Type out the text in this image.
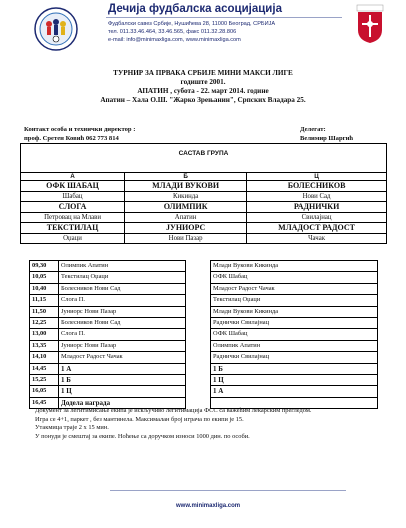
Дечија фудбалска асоцијација
Фудбалски савез Србије, Нушићева 28, 11000 Београд, СРБИЈА
тел. 011.33.46.464, 33.46.565, факс 011.32.28.806
e-mail: info@minimaxliga.com, www.minimaxliga.com
ТУРНИР ЗА ПРВАКА СРБИЈЕ МИНИ МАКСИ ЛИГЕ
годиште 2001.
АПАТИН , субота - 22. март 2014. године
Апатин – Хала О.Ш. "Жарко Зрењанин", Српских Владара 25.
Контакт особа и технички директор :
проф. Сретен Ковић 062 773 814
Делегат:
Велимир Шаргић
САСТАВ ГРУПА		
А	Б	Ц
ОФК ШАБАЦ	МЛАДИ ВУКОВИ	БОЛЕСНИКОВ
Шабац	Кикинда	Нови Сад
СЛОГА	ОЛИМПИК	РАДНИЧКИ
Петровац на Млави	Апатин	Свилајнац
ТЕКСТИЛАЦ	ЈУНИОРС	МЛАДОСТ РАДОСТ
Оџаци	Нови Пазар	Чачак
09,30	Олимпик Апатин		Млади Вукови Кикинда
10,05	Текстилац Оџаци		ОФК Шабац
10,40	Болесников Нови Сад		Младост Радост Чачак
11,15	Слога П.		Текстилац Оџаци
11,50	Јуниорс Нови Пазар		Млади Вукови Кикинда
12,25	Болесников Нови Сад		Раднички Свилајнац
13,00	Слога П.		ОФК Шабац
13,35	Јуниорс Нови Пазар		Олимпик Апатин
14,10	Младост Радост Чачак		Раднички Свилајнац
14,45	1 А		1 Б
15,25	1 Б		1 Ц
16,05	1 Ц		1 А
16,45	Додела награда		
Документ за легитимисање екипа је искључиво легитимација ФСС са важећим лекарским прегледом.
Игра се 4+1, паркет , без мантинела. Максималан број играча по екипи је 15.
Утакмица траје 2 х 15 мин.
У понуди је смештај за екипе. Ноћење са доручком износи 1000 дин. по особи.
www.minimaxliga.com
